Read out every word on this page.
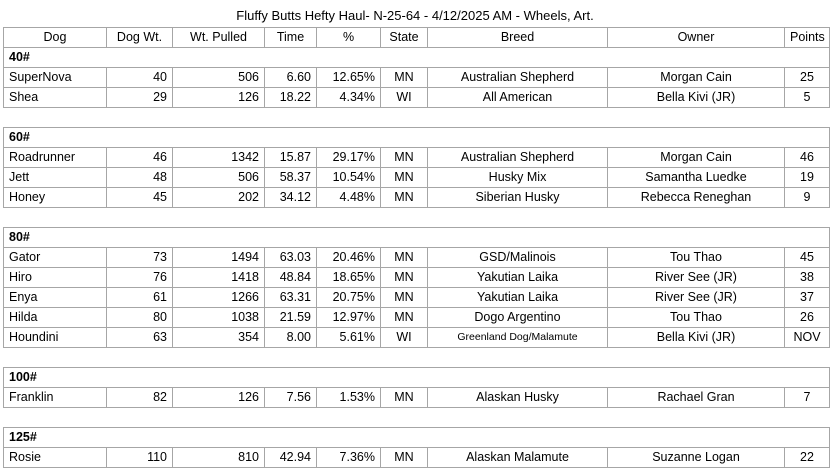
Fluffy Butts Hefty Haul- N-25-64 - 4/12/2025 AM - Wheels, Art.
Dog	Dog Wt.	Wt. Pulled	Time	%	State	Breed	Owner	Points
40#								
SuperNova	40	506	6.60	12.65%	MN	Australian Shepherd	Morgan Cain	25
Shea	29	126	18.22	4.34%	WI	All American	Bella Kivi (JR)	5

60#								
Roadrunner	46	1342	15.87	29.17%	MN	Australian Shepherd	Morgan Cain	46
Jett	48	506	58.37	10.54%	MN	Husky Mix	Samantha Luedke	19
Honey	45	202	34.12	4.48%	MN	Siberian Husky	Rebecca Reneghan	9

80#								
Gator	73	1494	63.03	20.46%	MN	GSD/Malinois	Tou Thao	45
Hiro	76	1418	48.84	18.65%	MN	Yakutian Laika	River See (JR)	38
Enya	61	1266	63.31	20.75%	MN	Yakutian Laika	River See (JR)	37
Hilda	80	1038	21.59	12.97%	MN	Dogo Argentino	Tou Thao	26
Houndini	63	354	8.00	5.61%	WI	Greenland Dog/Malamute	Bella Kivi (JR)	NOV

100#								
Franklin	82	126	7.56	1.53%	MN	Alaskan Husky	Rachael Gran	7

125#								
Rosie	110	810	42.94	7.36%	MN	Alaskan Malamute	Suzanne Logan	22
